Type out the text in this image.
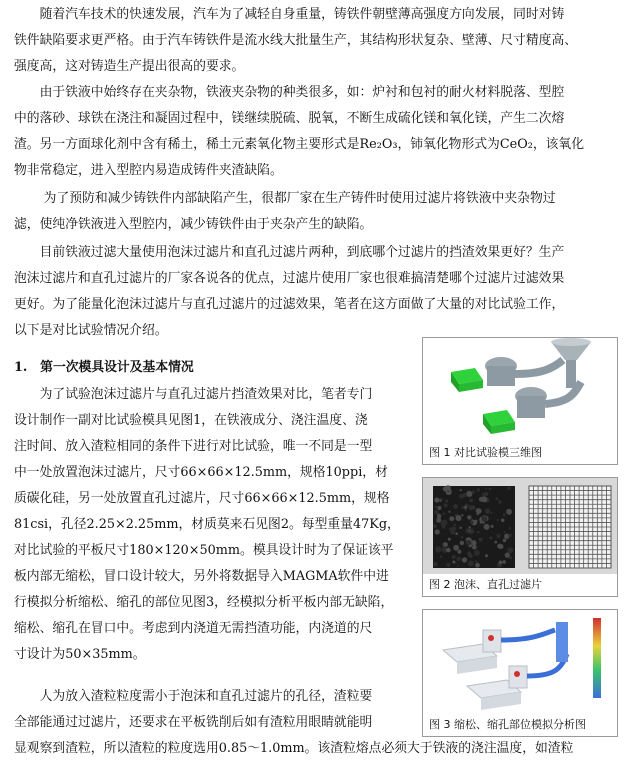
　　随着汽车技术的快速发展，汽车为了减轻自身重量，铸铁件朝壁薄高强度方向发展，同时对铸
铁件缺陷要求更严格。由于汽车铸铁件是流水线大批量生产，其结构形状复杂、壁薄、尺寸精度高、
强度高，这对铸造生产提出很高的要求。
　　由于铁液中始终存在夹杂物，铁液夹杂物的种类很多，如：炉衬和包衬的耐火材料脱落、型腔
中的落砂、球铁在浇注和凝固过程中，镁继续脱硫、脱氧，不断生成硫化镁和氧化镁，产生二次熔
渣。另一方面球化剂中含有稀土，稀土元素氧化物主要形式是Re₂O₃，铈氧化物形式为CeO₂，该氧化
物非常稳定，进入型腔内易造成铸件夹渣缺陷。
　　 为了预防和减少铸铁件内部缺陷产生，很都厂家在生产铸件时使用过滤片将铁液中夹杂物过
滤，使纯净铁液进入型腔内，减少铸铁件由于夹杂产生的缺陷。
　　目前铁液过滤大量使用泡沫过滤片和直孔过滤片两种，到底哪个过滤片的挡渣效果更好？生产
泡沫过滤片和直孔过滤片的厂家各说各的优点，过滤片使用厂家也很难搞清楚哪个过滤片过滤效果
更好。为了能量化泡沫过滤片与直孔过滤片的过滤效果，笔者在这方面做了大量的对比试验工作，
以下是对比试验情况介绍。
1.　第一次模具设计及基本情况
　　为了试验泡沫过滤片与直孔过滤片挡渣效果对比，笔者专门
设计制作一副对比试验模具见图1，在铁液成分、浇注温度、浇
注时间、放入渣粒相同的条件下进行对比试验，唯一不同是一型
中一处放置泡沫过滤片，尺寸66×66×12.5mm，规格10ppi，材
质碳化硅，另一处放置直孔过滤片，尺寸66×66×12.5mm，规格
81csi，孔径2.25×2.25mm，材质莫来石见图2。每型重量47Kg，
对比试验的平板尺寸180×120×50mm。模具设计时为了保证该平
板内部无缩松，冒口设计较大，另外将数据导入MAGMA软件中进
行模拟分析缩松、缩孔的部位见图3，经模拟分析平板内部无缺陷，
缩松、缩孔在冒口中。考虑到内浇道无需挡渣功能，内浇道的尺
寸设计为50×35mm。
　　人为放入渣粒粒度需小于泡沫和直孔过滤片的孔径，渣粒要
全部能通过过滤片，还要求在平板铣削后如有渣粒用眼睛就能明
显观察到渣粒，所以渣粒的粒度选用0.85～1.0mm。该渣粒熔点必须大于铁液的浇注温度，如渣粒
图 1 对比试验模三维图
图 2 泡沫、直孔过滤片
图 3 缩松、缩孔部位模拟分析图
